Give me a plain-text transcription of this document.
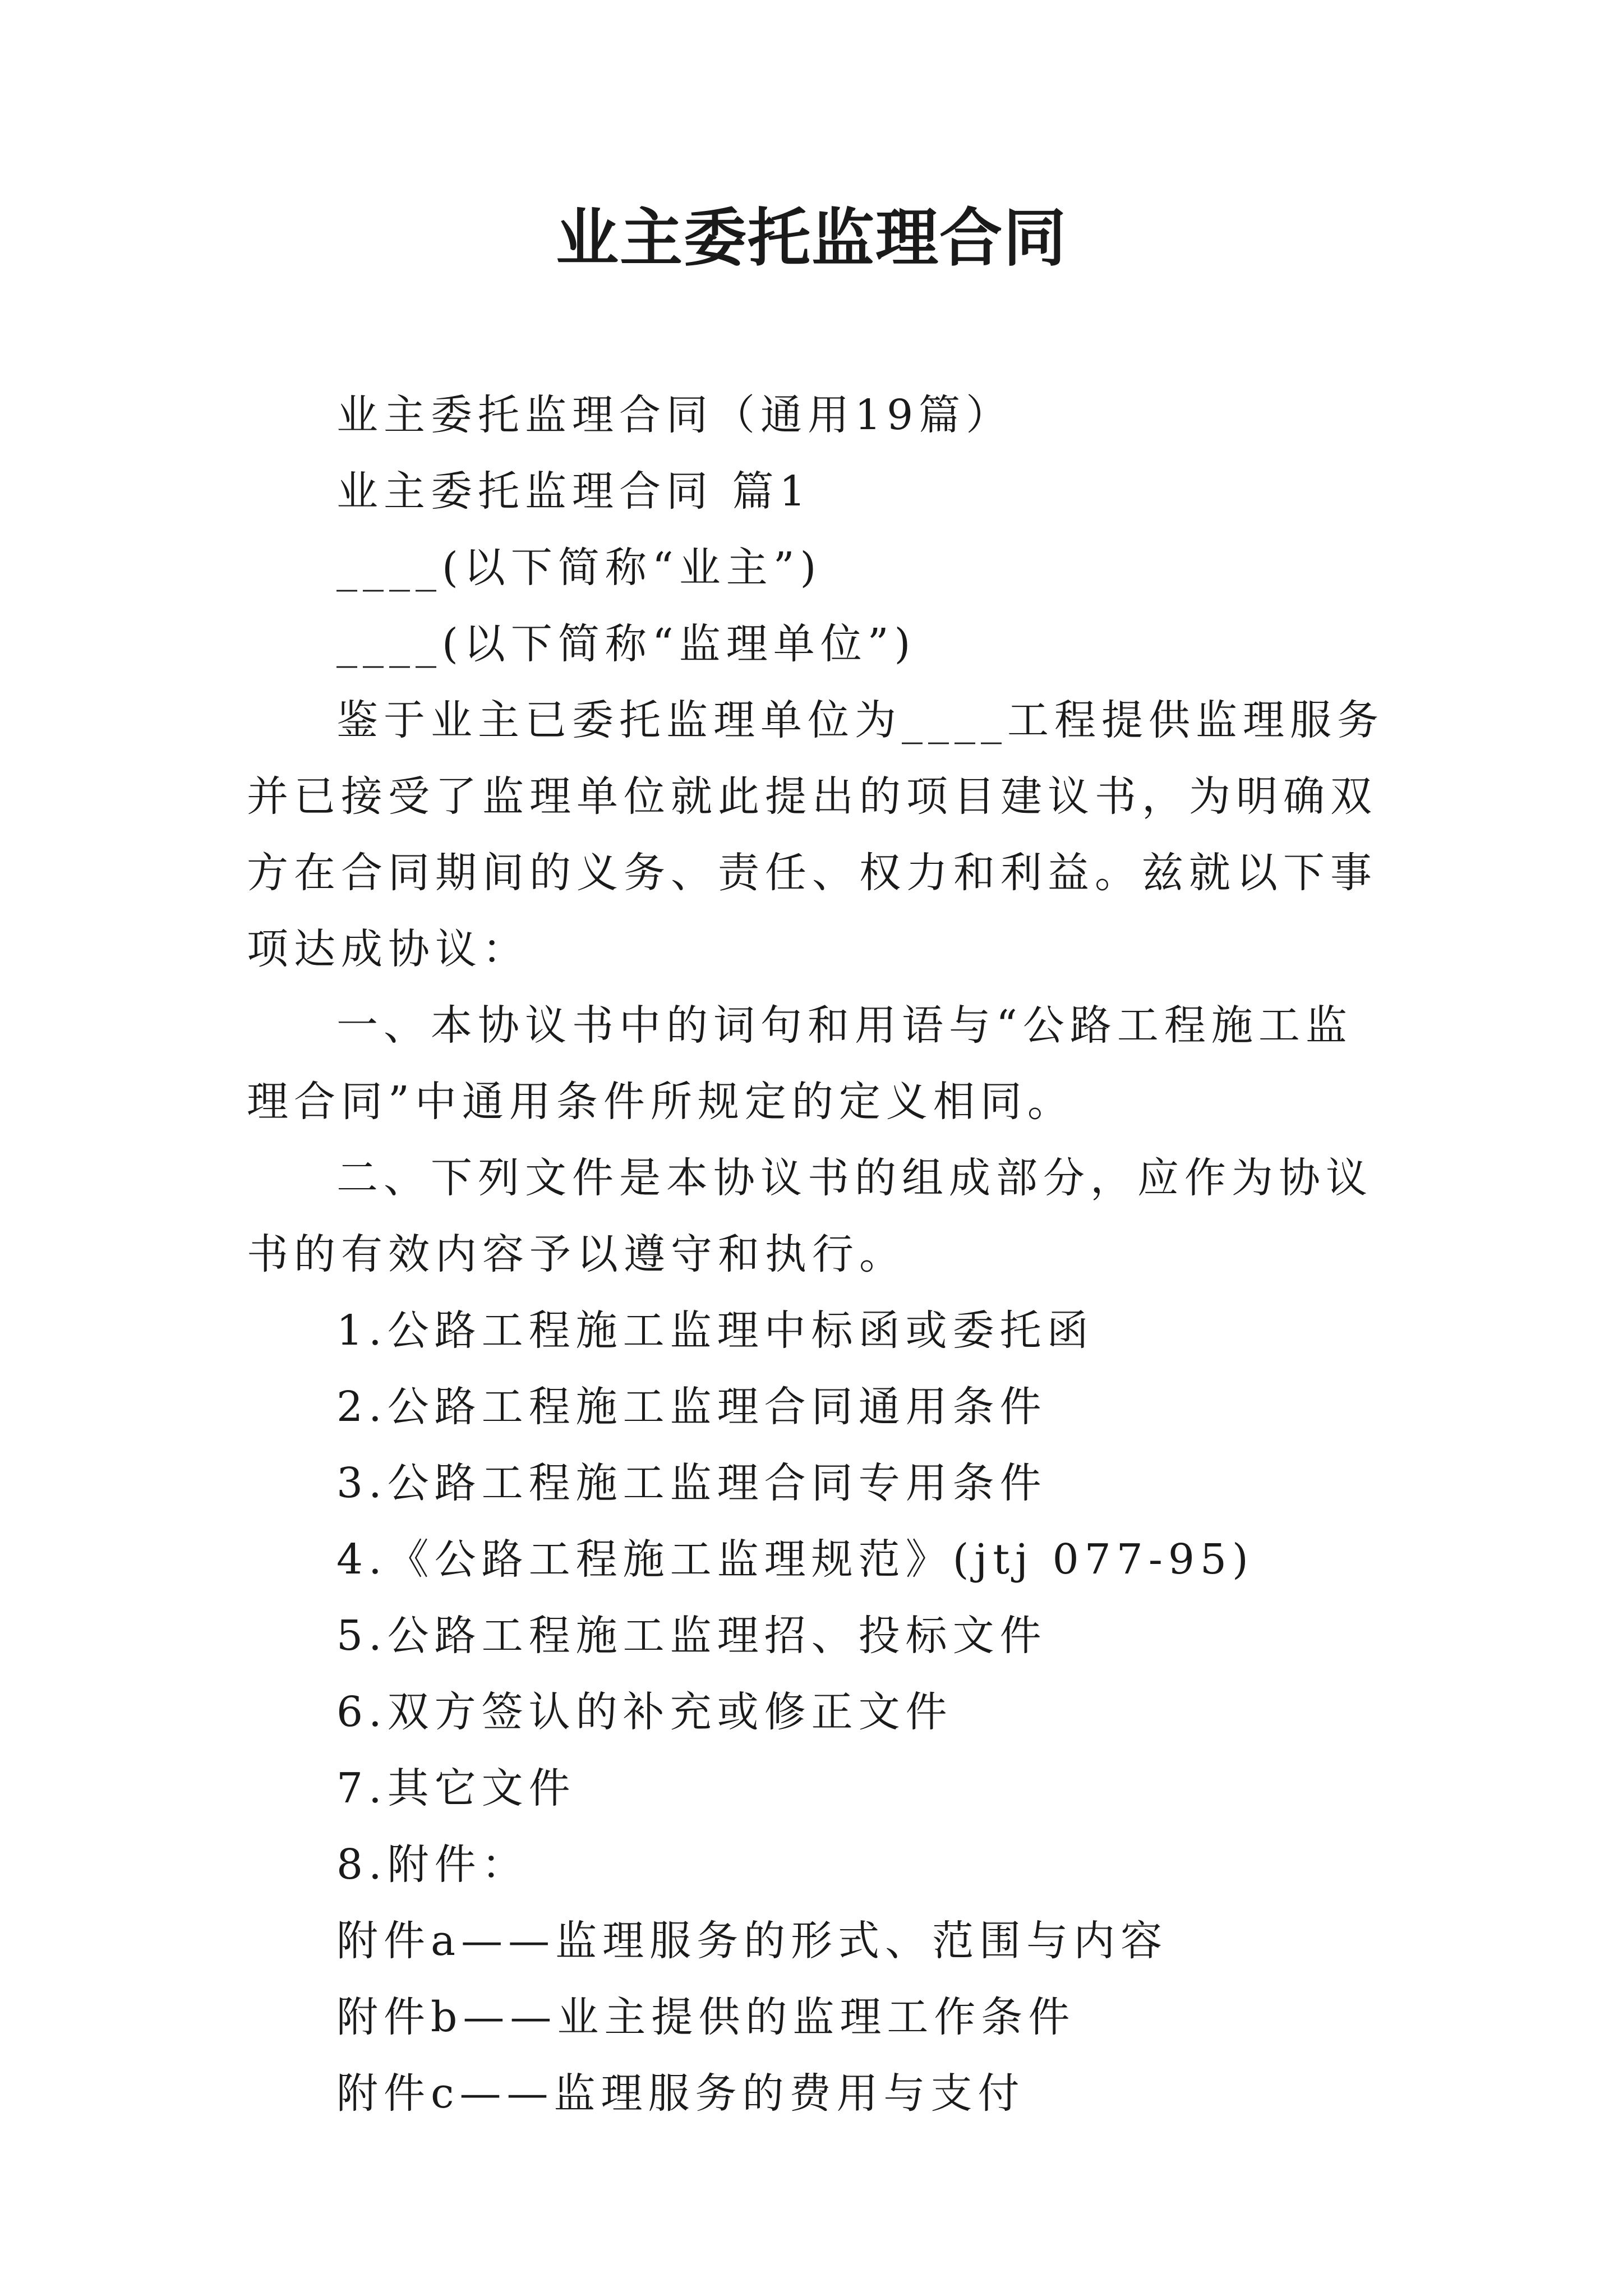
业主委托监理合同

业主委托监理合同（通用19篇）

业主委托监理合同 篇1

____(以下简称“业主”)

____(以下简称“监理单位”)

鉴于业主已委托监理单位为____工程提供监理服务并已接受了监理单位就此提出的项目建议书，为明确双方在合同期间的义务、责任、权力和利益。兹就以下事项达成协议：

一、本协议书中的词句和用语与“公路工程施工监理合同”中通用条件所规定的定义相同。

二、下列文件是本协议书的组成部分，应作为协议书的有效内容予以遵守和执行。

1.公路工程施工监理中标函或委托函

2.公路工程施工监理合同通用条件

3.公路工程施工监理合同专用条件

4.《公路工程施工监理规范》(jtj 077-95)

5.公路工程施工监理招、投标文件

6.双方签认的补充或修正文件

7.其它文件

8.附件：

附件a——监理服务的形式、范围与内容

附件b——业主提供的监理工作条件

附件c——监理服务的费用与支付
